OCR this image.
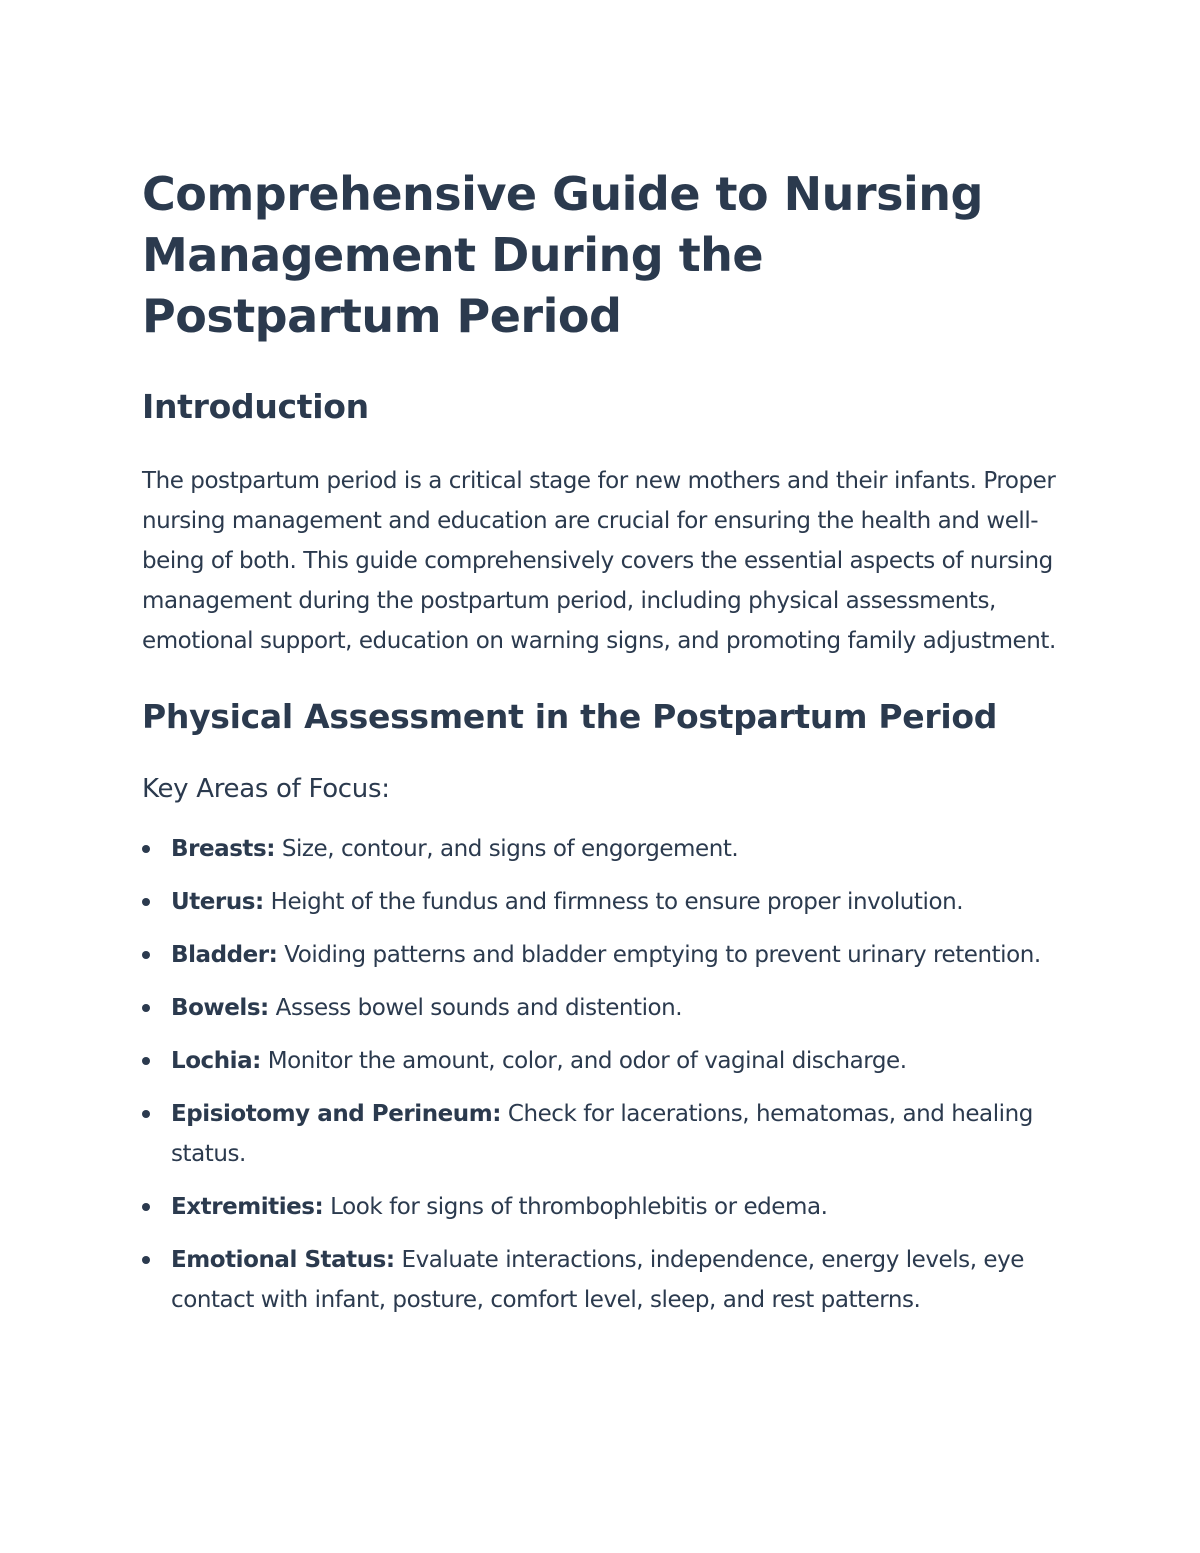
Comprehensive Guide to Nursing Management During the Postpartum Period
Introduction

The postpartum period is a critical stage for new mothers and their infants. Proper nursing management and education are crucial for ensuring the health and well-being of both. This guide comprehensively covers the essential aspects of nursing management during the postpartum period, including physical assessments, emotional support, education on warning signs, and promoting family adjustment.

Physical Assessment in the Postpartum Period
Key Areas of Focus:
Breasts: Size, contour, and signs of engorgement.
Uterus: Height of the fundus and firmness to ensure proper involution.
Bladder: Voiding patterns and bladder emptying to prevent urinary retention.
Bowels: Assess bowel sounds and distention.
Lochia: Monitor the amount, color, and odor of vaginal discharge.
Episiotomy and Perineum: Check for lacerations, hematomas, and healing status.
Extremities: Look for signs of thrombophlebitis or edema.
Emotional Status: Evaluate interactions, independence, energy levels, eye contact with infant, posture, comfort level, sleep, and rest patterns.
